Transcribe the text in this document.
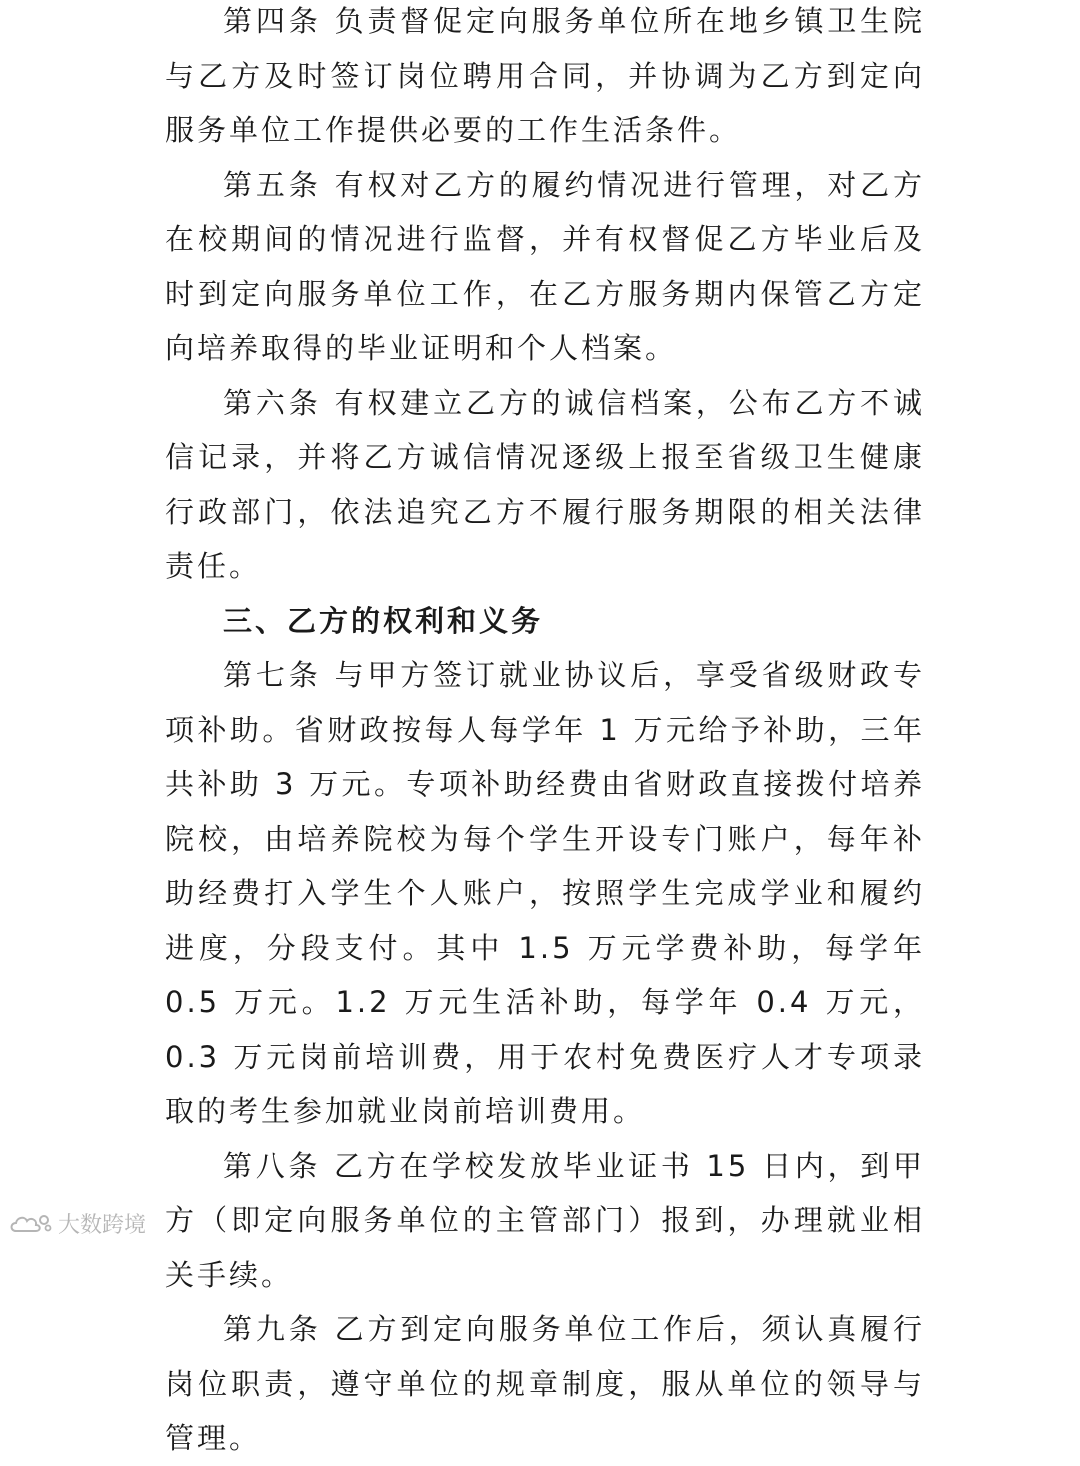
第四条 负责督促定向服务单位所在地乡镇卫生院与乙方及时签订岗位聘用合同，并协调为乙方到定向服务单位工作提供必要的工作生活条件。

第五条 有权对乙方的履约情况进行管理，对乙方在校期间的情况进行监督，并有权督促乙方毕业后及时到定向服务单位工作，在乙方服务期内保管乙方定向培养取得的毕业证明和个人档案。

第六条 有权建立乙方的诚信档案，公布乙方不诚信记录，并将乙方诚信情况逐级上报至省级卫生健康行政部门，依法追究乙方不履行服务期限的相关法律责任。

三、乙方的权利和义务

第七条 与甲方签订就业协议后，享受省级财政专项补助。省财政按每人每学年 1 万元给予补助，三年共补助 3 万元。专项补助经费由省财政直接拨付培养院校，由培养院校为每个学生开设专门账户，每年补助经费打入学生个人账户，按照学生完成学业和履约进度，分段支付。其中 1.5 万元学费补助，每学年 0.5 万元。1.2 万元生活补助，每学年 0.4 万元，0.3 万元岗前培训费，用于农村免费医疗人才专项录取的考生参加就业岗前培训费用。

第八条 乙方在学校发放毕业证书 15 日内，到甲方（即定向服务单位的主管部门）报到，办理就业相关手续。

第九条 乙方到定向服务单位工作后，须认真履行岗位职责，遵守单位的规章制度，服从单位的领导与管理。

大数跨境
